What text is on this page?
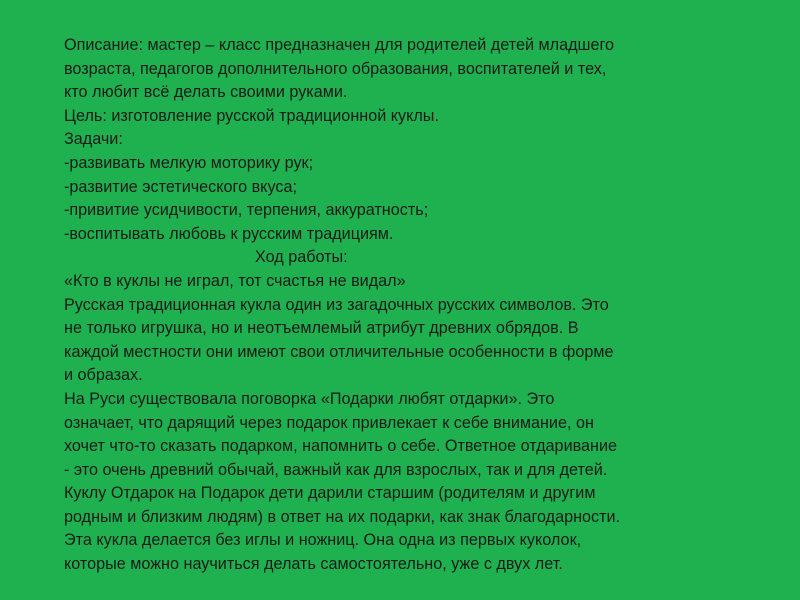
Описание: мастер – класс предназначен для родителей детей младшего
возраста, педагогов дополнительного образования, воспитателей и тех,
кто любит всё делать своими руками.
Цель: изготовление русской традиционной куклы.
Задачи:
-развивать мелкую моторику рук;
-развитие эстетического вкуса;
-привитие усидчивости, терпения, аккуратность;
-воспитывать любовь к русским традициям.
Ход работы:
«Кто в куклы не играл, тот счастья не видал»
Русская традиционная кукла один из загадочных русских символов. Это
не только игрушка, но и неотъемлемый атрибут древних обрядов. В
каждой местности они имеют свои отличительные особенности в форме
и образах.
На Руси существовала поговорка «Подарки любят отдарки». Это
означает, что дарящий через подарок привлекает к себе внимание, он
хочет что-то сказать подарком, напомнить о себе. Ответное отдаривание
- это очень древний обычай, важный как для взрослых, так и для детей.
Куклу Отдарок на Подарок дети дарили старшим (родителям и другим
родным и близким людям) в ответ на их подарки, как знак благодарности.
Эта кукла делается без иглы и ножниц. Она одна из первых куколок,
которые можно научиться делать самостоятельно, уже с двух лет.
